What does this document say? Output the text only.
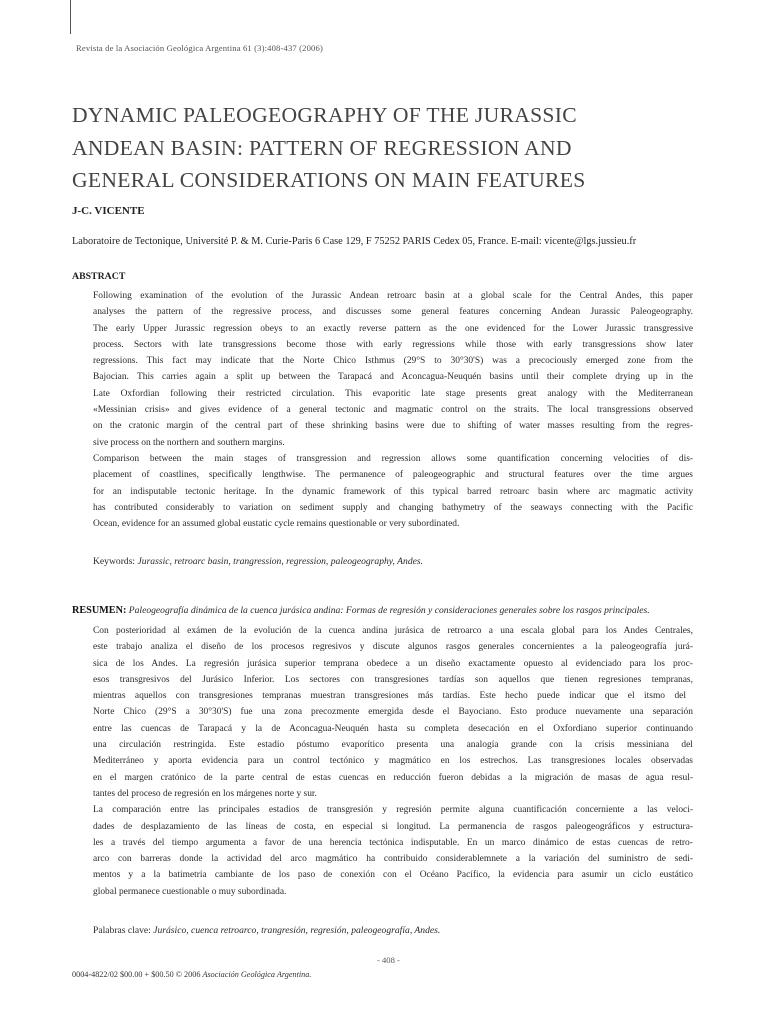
Revista de la Asociación Geológica Argentina 61 (3):408-437 (2006)
DYNAMIC PALEOGEOGRAPHY OF THE JURASSIC
ANDEAN BASIN: PATTERN OF REGRESSION AND
GENERAL CONSIDERATIONS ON MAIN FEATURES
J-C. VICENTE
Laboratoire de Tectonique, Université P. & M. Curie-Paris 6 Case 129, F 75252 PARIS Cedex 05, France. E-mail: vicente@lgs.jussieu.fr
ABSTRACT
Following examination of the evolution of the Jurassic Andean retroarc basin at a global scale for the Central Andes, this paper
analyses the pattern of the regressive process, and discusses some general features concerning Andean Jurassic Paleogeography.
The early Upper Jurassic regression obeys to an exactly reverse pattern as the one evidenced for the Lower Jurassic transgressive
process. Sectors with late transgressions become those with early regressions while those with early transgressions show later
regressions. This fact may indicate that the Norte Chico Isthmus (29°S to 30°30'S) was a precociously emerged zone from the
Bajocian. This carries again a split up between the Tarapacá and Aconcagua-Neuquén basins until their complete drying up in the
Late Oxfordian following their restricted circulation. This evaporitic late stage presents great analogy with the Mediterranean
«Messinian crisis» and gives evidence of a general tectonic and magmatic control on the straits. The local transgressions observed
on the cratonic margin of the central part of these shrinking basins were due to shifting of water masses resulting from the regres-
sive process on the northern and southern margins.
Comparison between the main stages of transgression and regression allows some quantification concerning velocities of dis-
placement of coastlines, specifically lengthwise. The permanence of paleogeographic and structural features over the time argues
for an indisputable tectonic heritage. In the dynamic framework of this typical barred retroarc basin where arc magmatic activity
has contributed considerably to variation on sediment supply and changing bathymetry of the seaways connecting with the Pacific
Ocean, evidence for an assumed global eustatic cycle remains questionable or very subordinated.
Keywords: Jurassic, retroarc basin, trangression, regression, paleogeography, Andes.
RESUMEN: Paleogeografía dinámica de la cuenca jurásica andina: Formas de regresión y consideraciones generales sobre los rasgos principales.
Con posterioridad al exámen de la evolución de la cuenca andina jurásica de retroarco a una escala global para los Andes Centrales,
este trabajo analiza el diseño de los procesos regresivos y discute algunos rasgos generales concernientes a la paleogeografía jurá-
sica de los Andes. La regresión jurásica superior temprana obedece a un diseño exactamente opuesto al evidenciado para los proc-
esos transgresivos del Jurásico Inferior. Los sectores con transgresiones tardías son aquellos que tienen regresiones tempranas,
mientras aquellos con transgresiones tempranas muestran transgresiones más tardías. Este hecho puede indicar que el itsmo del
Norte Chico (29°S a 30°30'S) fue una zona precozmente emergida desde el Bayociano. Esto produce nuevamente una separación
entre las cuencas de Tarapacá y la de Aconcagua-Neuquén hasta su completa desecación en el Oxfordiano superior continuando
una circulación restringida. Este estadio póstumo evaporítico presenta una analogía grande con la crisis messiniana del
Mediterráneo y aporta evidencia para un control tectónico y magmático en los estrechos. Las transgresiones locales observadas
en el margen cratónico de la parte central de estas cuencas en reducción fueron debidas a la migración de masas de agua resul-
tantes del proceso de regresión en los márgenes norte y sur.
La comparación entre las principales estadios de transgresión y regresión permite alguna cuantificación concerniente a las veloci-
dades de desplazamiento de las líneas de costa, en especial si longitud. La permanencia de rasgos paleogeográficos y estructura-
les a través del tiempo argumenta a favor de una herencia tectónica indisputable. En un marco dinámico de estas cuencas de retro-
arco con barreras donde la actividad del arco magmático ha contribuido considerablemnete a la variación del suministro de sedi-
mentos y a la batimetría cambiante de los paso de conexión con el Océano Pacífico, la evidencia para asumir un ciclo eustático
global permanece cuestionable o muy subordinada.
Palabras clave: Jurásico, cuenca retroarco, trangresión, regresión, paleogeografía, Andes.
- 408 -
0004-4822/02 $00.00 + $00.50 © 2006 Asociación Geológica Argentina.
